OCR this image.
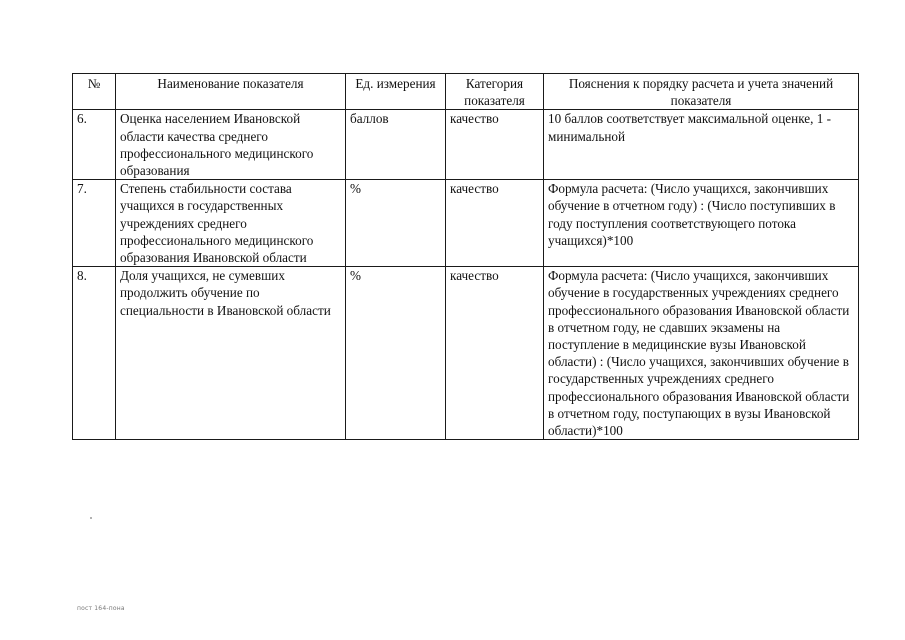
№	Наименование показателя	Ед. измерения	Категория показателя	Пояснения к порядку расчета и учета значений показателя
6.	Оценка населением Ивановской области качества среднего профессионального медицинского образования	баллов	качество	10 баллов соответствует максимальной оценке, 1 - минимальной
7.	Степень стабильности состава учащихся в государственных учреждениях среднего профессионального медицинского образования Ивановской области	%	качество	Формула расчета: (Число учащихся, закончивших обучение в отчетном году) : (Число поступивших в году поступления соответствующего потока учащихся)*100
8.	Доля учащихся, не сумевших продолжить обучение по специальности в Ивановской области	%	качество	Формула расчета: (Число учащихся, закончивших обучение в государственных учреждениях среднего профессионального образования Ивановской области в отчетном году, не сдавших экзамены на поступление в медицинские вузы Ивановской области) : (Число учащихся, закончивших обучение в государственных учреждениях среднего профессионального образования Ивановской области в отчетном году, поступающих в вузы Ивановской области)*100
пост 164-пона
